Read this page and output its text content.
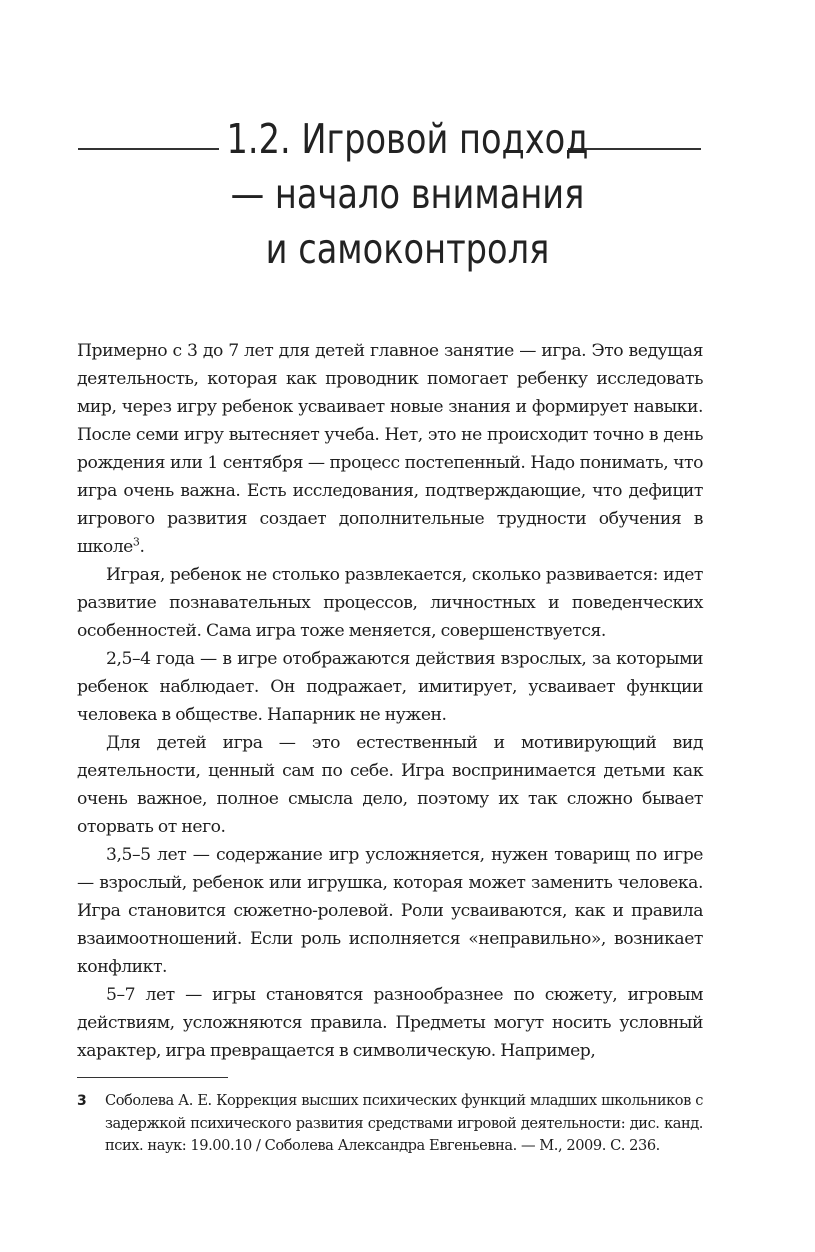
1.2. Игровой подход
— начало внимания
и самоконтроля

Примерно с 3 до 7 лет для детей главное занятие — игра. Это ведущая деятельность, которая как проводник помогает ребенку исследовать мир, через игру ребенок усваивает новые знания и формирует навыки. После семи игру вытесняет учеба. Нет, это не происходит точно в день рождения или 1 сентября — процесс постепенный. Надо понимать, что игра очень важна. Есть исследования, подтверждающие, что дефицит игрового развития создает дополнительные трудности обучения в школе$^3$.

Играя, ребенок не столько развлекается, сколько развивается: идет развитие познавательных процессов, личностных и поведенческих особенностей. Сама игра тоже меняется, совершенствуется.

2,5–4 года — в игре отображаются действия взрослых, за которыми ребенок наблюдает. Он подражает, имитирует, усваивает функции человека в обществе. Напарник не нужен.

Для детей игра — это естественный и мотивирующий вид деятельности, ценный сам по себе. Игра воспринимается детьми как очень важное, полное смысла дело, поэтому их так сложно бывает оторвать от него.

3,5–5 лет — содержание игр усложняется, нужен товарищ по игре — взрослый, ребенок или игрушка, которая может заменить человека. Игра становится сюжетно-ролевой. Роли усваиваются, как и правила взаимоотношений. Если роль исполняется «неправильно», возникает конфликт.

5–7 лет — игры становятся разнообразнее по сюжету, игровым действиям, усложняются правила. Предметы могут носить условный характер, игра превращается в символическую. Например,

3 Соболева А. Е. Коррекция высших психических функций младших школьников с задержкой психического развития средствами игровой деятельности: дис. канд. псих. наук: 19.00.10 / Соболева Александра Евгеньевна. — М., 2009. С. 236.
